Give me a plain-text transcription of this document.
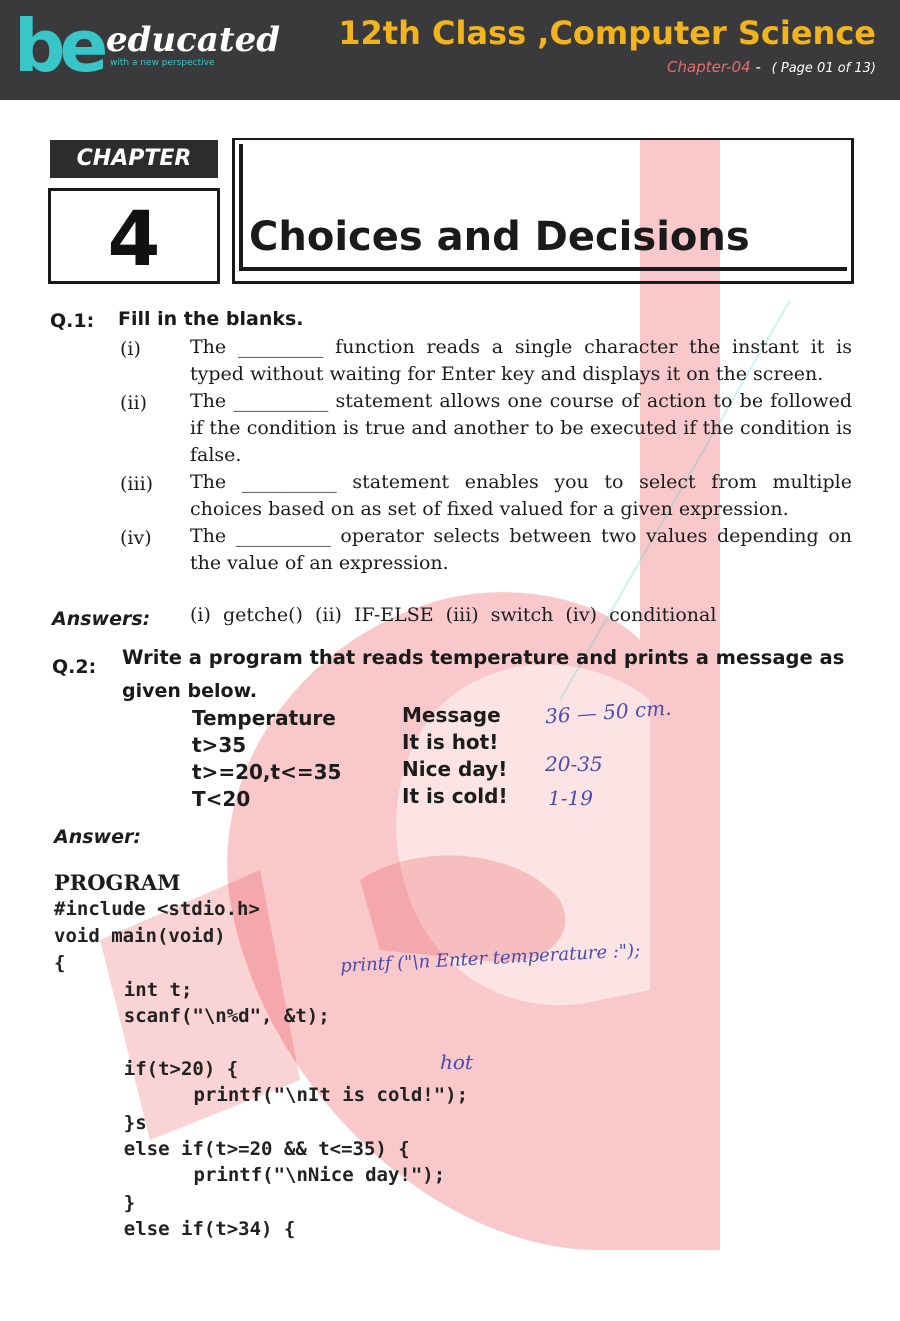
be educated
with a new perspective
12th Class ,Computer Science
Chapter-04 - ( Page 01 of 13)
CHAPTER
4	Choices and Decisions
Q.1: Fill in the blanks.
(i)	The _________ function reads a single character the instant it is typed without waiting for Enter key and displays it on the screen.
(ii) The __________ statement allows one course of action to be followed if the condition is true and another to be executed if the condition is false.
(iii) The __________ statement enables you to select from multiple choices based on as set of fixed valued for a given expression.
(iv) The __________ operator selects between two values depending on the value of an expression.
Answers: (i) getche() (ii) IF-ELSE (iii) switch (iv) conditional
Q.2: Write a program that reads temperature and prints a message as
given below.
Temperature	Message
t>35	It is hot!
t>=20,t<=35	Nice day!
T<20	It is cold!
Answer:
PROGRAM
#include <stdio.h>
void main(void)
{
int t;
scanf("\n%d", &t);
if(t>20) {
printf("\nIt is cold!");
}s
else if(t>=20 && t<=35) {
printf("\nNice day!");
}
else if(t>34) {
36 — 50 cm.
20-35
1-19
printf ("\n Enter temperature :");
hot
